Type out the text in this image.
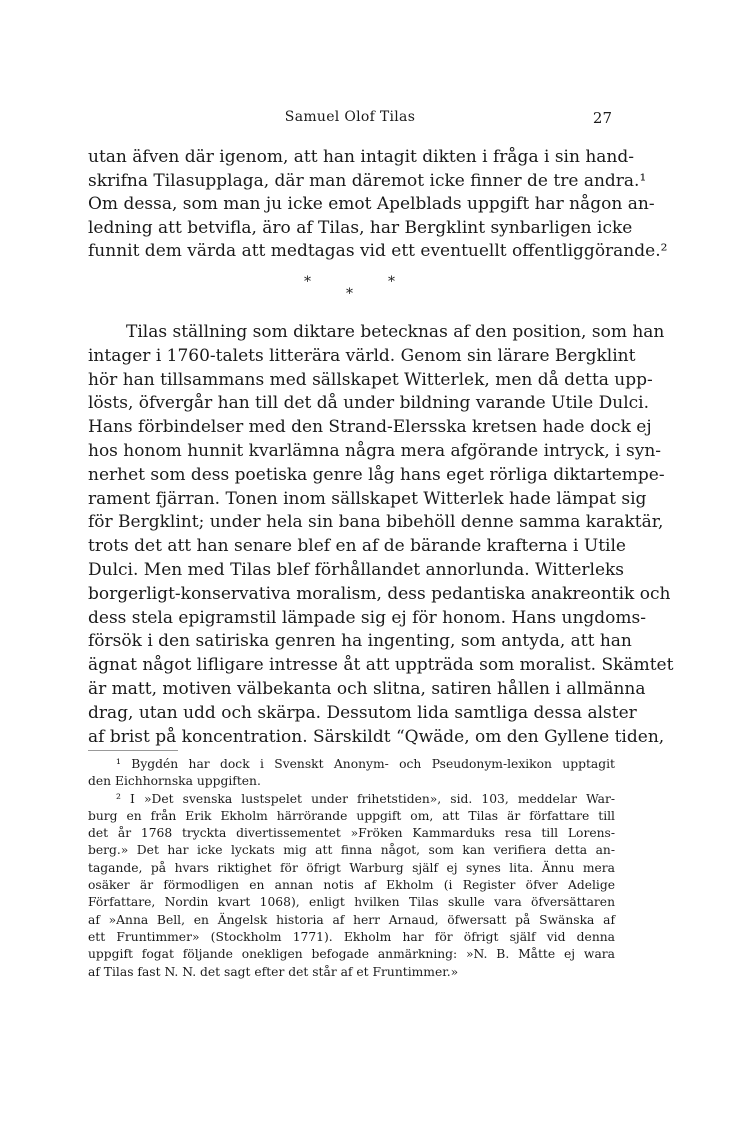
Samuel Olof Tilas	27
utan äfven där igenom, att han intagit dikten i fråga i sin hand-
skrifna Tilasupplaga, där man däremot icke finner de tre andra.¹
Om dessa, som man ju icke emot Apelblads uppgift har någon an-
ledning att betvifla, äro af Tilas, har Bergklint synbarligen icke
funnit dem värda att medtagas vid ett eventuellt offentliggörande.²
*	*
*
Tilas ställning som diktare betecknas af den position, som han
intager i 1760-talets litterära värld. Genom sin lärare Bergklint
hör han tillsammans med sällskapet Witterlek, men då detta upp-
lösts, öfvergår han till det då under bildning varande Utile Dulci.
Hans förbindelser med den Strand-Elersska kretsen hade dock ej
hos honom hunnit kvarlämna några mera afgörande intryck, i syn-
nerhet som dess poetiska genre låg hans eget rörliga diktartempe-
rament fjärran. Tonen inom sällskapet Witterlek hade lämpat sig
för Bergklint; under hela sin bana bibehöll denne samma karaktär,
trots det att han senare blef en af de bärande krafterna i Utile
Dulci. Men med Tilas blef förhållandet annorlunda. Witterleks
borgerligt-konservativa moralism, dess pedantiska anakreontik och
dess stela epigramstil lämpade sig ej för honom. Hans ungdoms-
försök i den satiriska genren ha ingenting, som antyda, att han
ägnat något lifligare intresse åt att uppträda som moralist. Skämtet
är matt, motiven välbekanta och slitna, satiren hållen i allmänna
drag, utan udd och skärpa. Dessutom lida samtliga dessa alster
af brist på koncentration. Särskildt “Qwäde, om den Gyllene tiden,
¹ Bygdén har dock i Svenskt Anonym- och Pseudonym-lexikon upptagit
den Eichhornska uppgiften.
² I »Det svenska lustspelet under frihetstiden», sid. 103, meddelar War-
burg en från Erik Ekholm härrörande uppgift om, att Tilas är författare till
det år 1768 tryckta divertissementet »Fröken Kammarduks resa till Lorens-
berg.» Det har icke lyckats mig att finna något, som kan verifiera detta an-
tagande, på hvars riktighet för öfrigt Warburg själf ej synes lita. Ännu mera
osäker är förmodligen en annan notis af Ekholm (i Register öfver Adelige
Författare, Nordin kvart 1068), enligt hvilken Tilas skulle vara öfversättaren
af »Anna Bell, en Ängelsk historia af herr Arnaud, öfwersatt på Swänska af
ett Fruntimmer» (Stockholm 1771). Ekholm har för öfrigt själf vid denna
uppgift fogat följande onekligen befogade anmärkning: »N. B. Måtte ej wara
af Tilas fast N. N. det sagt efter det står af et Fruntimmer.»
